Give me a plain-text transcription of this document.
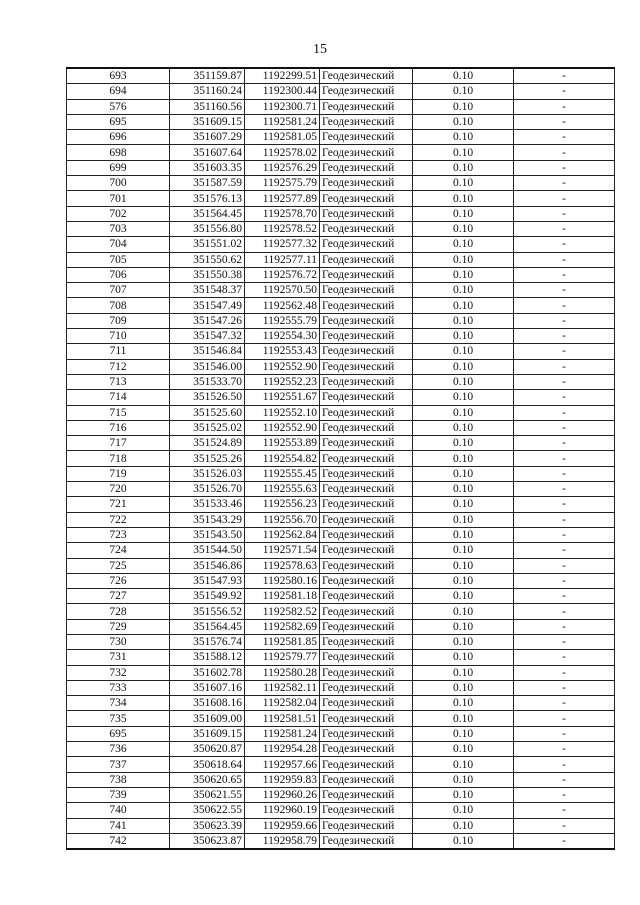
15
693	351159.87	1192299.51	Геодезический	0.10	-
694	351160.24	1192300.44	Геодезический	0.10	-
576	351160.56	1192300.71	Геодезический	0.10	-
695	351609.15	1192581.24	Геодезический	0.10	-
696	351607.29	1192581.05	Геодезический	0.10	-
698	351607.64	1192578.02	Геодезический	0.10	-
699	351603.35	1192576.29	Геодезический	0.10	-
700	351587.59	1192575.79	Геодезический	0.10	-
701	351576.13	1192577.89	Геодезический	0.10	-
702	351564.45	1192578.70	Геодезический	0.10	-
703	351556.80	1192578.52	Геодезический	0.10	-
704	351551.02	1192577.32	Геодезический	0.10	-
705	351550.62	1192577.11	Геодезический	0.10	-
706	351550.38	1192576.72	Геодезический	0.10	-
707	351548.37	1192570.50	Геодезический	0.10	-
708	351547.49	1192562.48	Геодезический	0.10	-
709	351547.26	1192555.79	Геодезический	0.10	-
710	351547.32	1192554.30	Геодезический	0.10	-
711	351546.84	1192553.43	Геодезический	0.10	-
712	351546.00	1192552.90	Геодезический	0.10	-
713	351533.70	1192552.23	Геодезический	0.10	-
714	351526.50	1192551.67	Геодезический	0.10	-
715	351525.60	1192552.10	Геодезический	0.10	-
716	351525.02	1192552.90	Геодезический	0.10	-
717	351524.89	1192553.89	Геодезический	0.10	-
718	351525.26	1192554.82	Геодезический	0.10	-
719	351526.03	1192555.45	Геодезический	0.10	-
720	351526.70	1192555.63	Геодезический	0.10	-
721	351533.46	1192556.23	Геодезический	0.10	-
722	351543.29	1192556.70	Геодезический	0.10	-
723	351543.50	1192562.84	Геодезический	0.10	-
724	351544.50	1192571.54	Геодезический	0.10	-
725	351546.86	1192578.63	Геодезический	0.10	-
726	351547.93	1192580.16	Геодезический	0.10	-
727	351549.92	1192581.18	Геодезический	0.10	-
728	351556.52	1192582.52	Геодезический	0.10	-
729	351564.45	1192582.69	Геодезический	0.10	-
730	351576.74	1192581.85	Геодезический	0.10	-
731	351588.12	1192579.77	Геодезический	0.10	-
732	351602.78	1192580.28	Геодезический	0.10	-
733	351607.16	1192582.11	Геодезический	0.10	-
734	351608.16	1192582.04	Геодезический	0.10	-
735	351609.00	1192581.51	Геодезический	0.10	-
695	351609.15	1192581.24	Геодезический	0.10	-
736	350620.87	1192954.28	Геодезический	0.10	-
737	350618.64	1192957.66	Геодезический	0.10	-
738	350620.65	1192959.83	Геодезический	0.10	-
739	350621.55	1192960.26	Геодезический	0.10	-
740	350622.55	1192960.19	Геодезический	0.10	-
741	350623.39	1192959.66	Геодезический	0.10	-
742	350623.87	1192958.79	Геодезический	0.10	-
